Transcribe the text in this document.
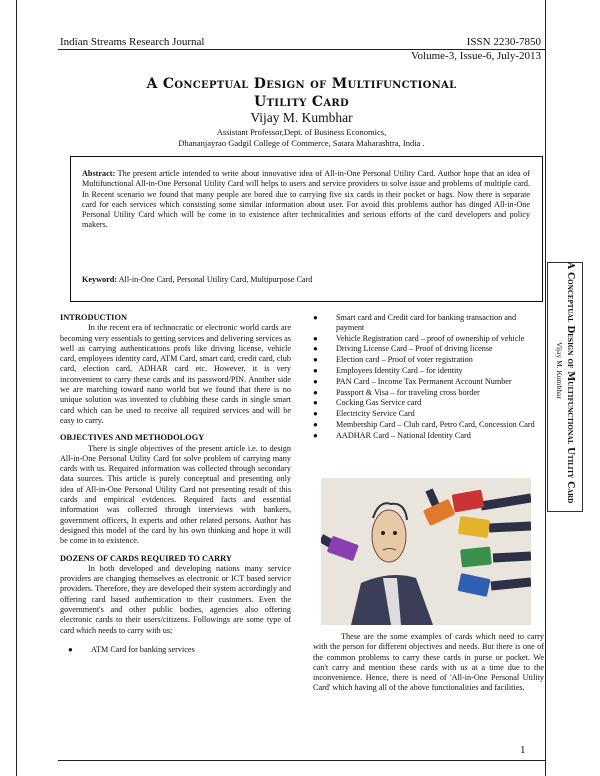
Indian Streams Research Journal	ISSN 2230-7850
Volume-3, Issue-6, July-2013
A Conceptual Design of Multifunctional
Utility Card
Vijay M. Kumbhar
Assistant Professor,Dept. of Business Economics,
Dhananjayrao Gadgil College of Commerce, Satara Maharashtra, India .
Abstract: The present article intended to write about innovative idea of All-in-One Personal Utility Card. Author hope that an idea of Multifunctional All-in-One Personal Utility Card will helps to users and service providers to solve issue and problems of multiple card. In Recent scenario we found that many people are bored due to carrying five six cards in their pocket or bags. Now there is separate card for each services which consisting some similar information about user. For avoid this problems author has dinged All-in-One Personal Utility Card which will be come in to existence after technicalities and serious efforts of the card developers and policy makers.
Keyword: All-in-One Card, Personal Utility Card, Multipurpose Card	A Conceptual Design of Multifunctional Utility Card
Vijay M. Kumbhar
INTRODUCTION
In the recent era of technocratic or electronic world cards are becoming very essentials to getting services and delivering services as well as carrying authentications profs like driving license, vehicle card, employees identity card, ATM Card, smart card, credit card, club card, election card, ADHAR card etc. However, it is very inconvenient to carry these cards and its password/PIN. Another side we are marching toward nano world but we found that there is no unique solution was invented to clubbing these cards in single smart card which can be used to receive all required services and will be easy to carry.
OBJECTIVES AND METHODOLOGY
There is single objectives of the present article i.e. to design All-in-One Personal Utility Card for solve problem of carrying many cards with us. Required information was collected through secondary data sources. This article is purely conceptual and presenting only idea of All-in-One Personal Utility Card not presenting result of this cards and empirical evidences. Required facts and essential information was collected through interviews with bankers, government officers, It experts and other related persons. Author has designed this model of the card by his own thinking and hope it will be come in to existence.
DOZENS OF CARDS REQUIRED TO CARRY
In both developed and developing nations many service providers are changing themselves as electronic or ICT based service providers. Therefore, they are developed their system accordingly and offering card based authentication to their customers. Even the government's and other public bodies, agencies also offering electronic cards to their users/citizens. Followings are some type of card which needs to carry with us;
● ATM Card for banking services
● Smart card and Credit card for banking transaction and payment
● Vehicle Registration card – proof of ownership of vehicle
● Driving License Card – Proof of driving license
● Election card – Proof of voter registration
● Employees Identity Card – for identity
● PAN Card – Income Tax Permanent Account Number
● Passport & Visa – for traveling cross border
● Cocking Gas Service card
● Electricity Service Card
● Membership Card – Club card, Petro Card, Concession Card
● AADHAR Card – National Identity Card
These are the some examples of cards which need to carry with the person for different objectives and needs. But there is one of the common problems to carry these cards in purse or pocket. We can't carry and mention these cards with us at a time due to the inconvenience. Hence, there is need of 'All-in-One Personal Utility Card' which having all of the above functionalities and facilities.
1
